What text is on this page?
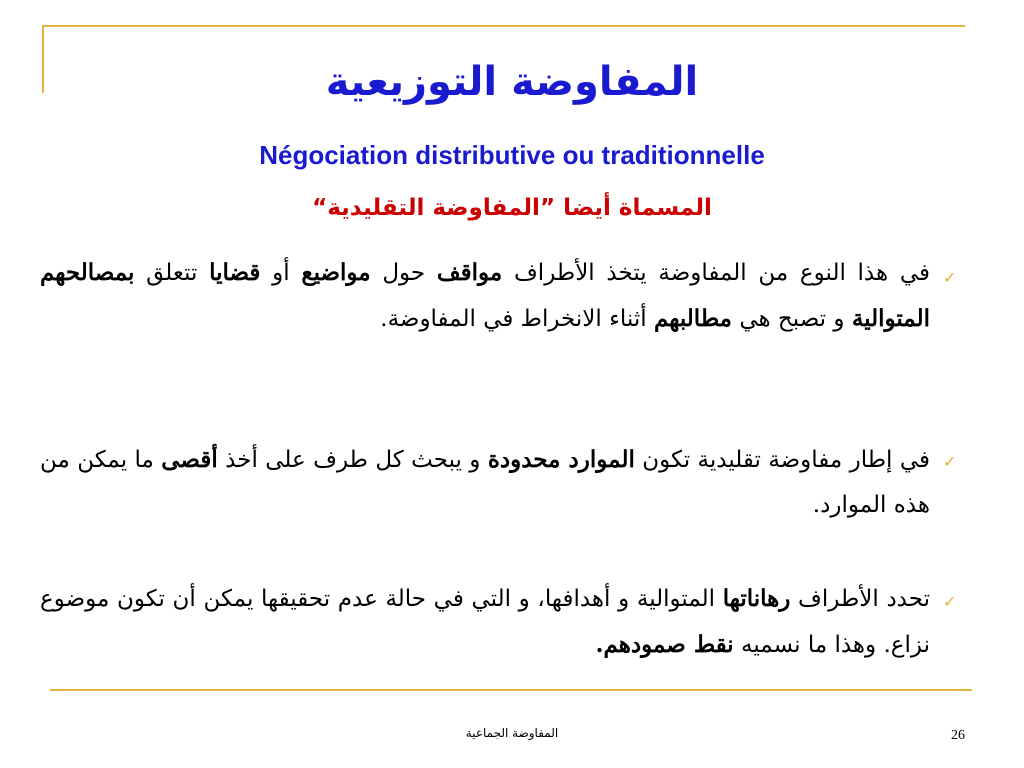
المفاوضة التوزيعية
Négociation distributive ou traditionnelle
المسماة أيضا ”المفاوضة التقليدية“
✓
في هذا النوع من المفاوضة يتخذ الأطراف مواقف حول مواضيع أو قضايا تتعلق بمصالحهم المتوالية و تصبح هي مطالبهم أثناء الانخراط في المفاوضة.
✓
في إطار مفاوضة تقليدية تكون الموارد محدودة و يبحث كل طرف على أخذ أقصى ما يمكن من هذه الموارد.
✓
تحدد الأطراف رهاناتها المتوالية و أهدافها، و التي في حالة عدم تحقيقها يمكن أن تكون موضوع نزاع. وهذا ما نسميه نقط صمودهم.
المفاوضة الجماعية	26
